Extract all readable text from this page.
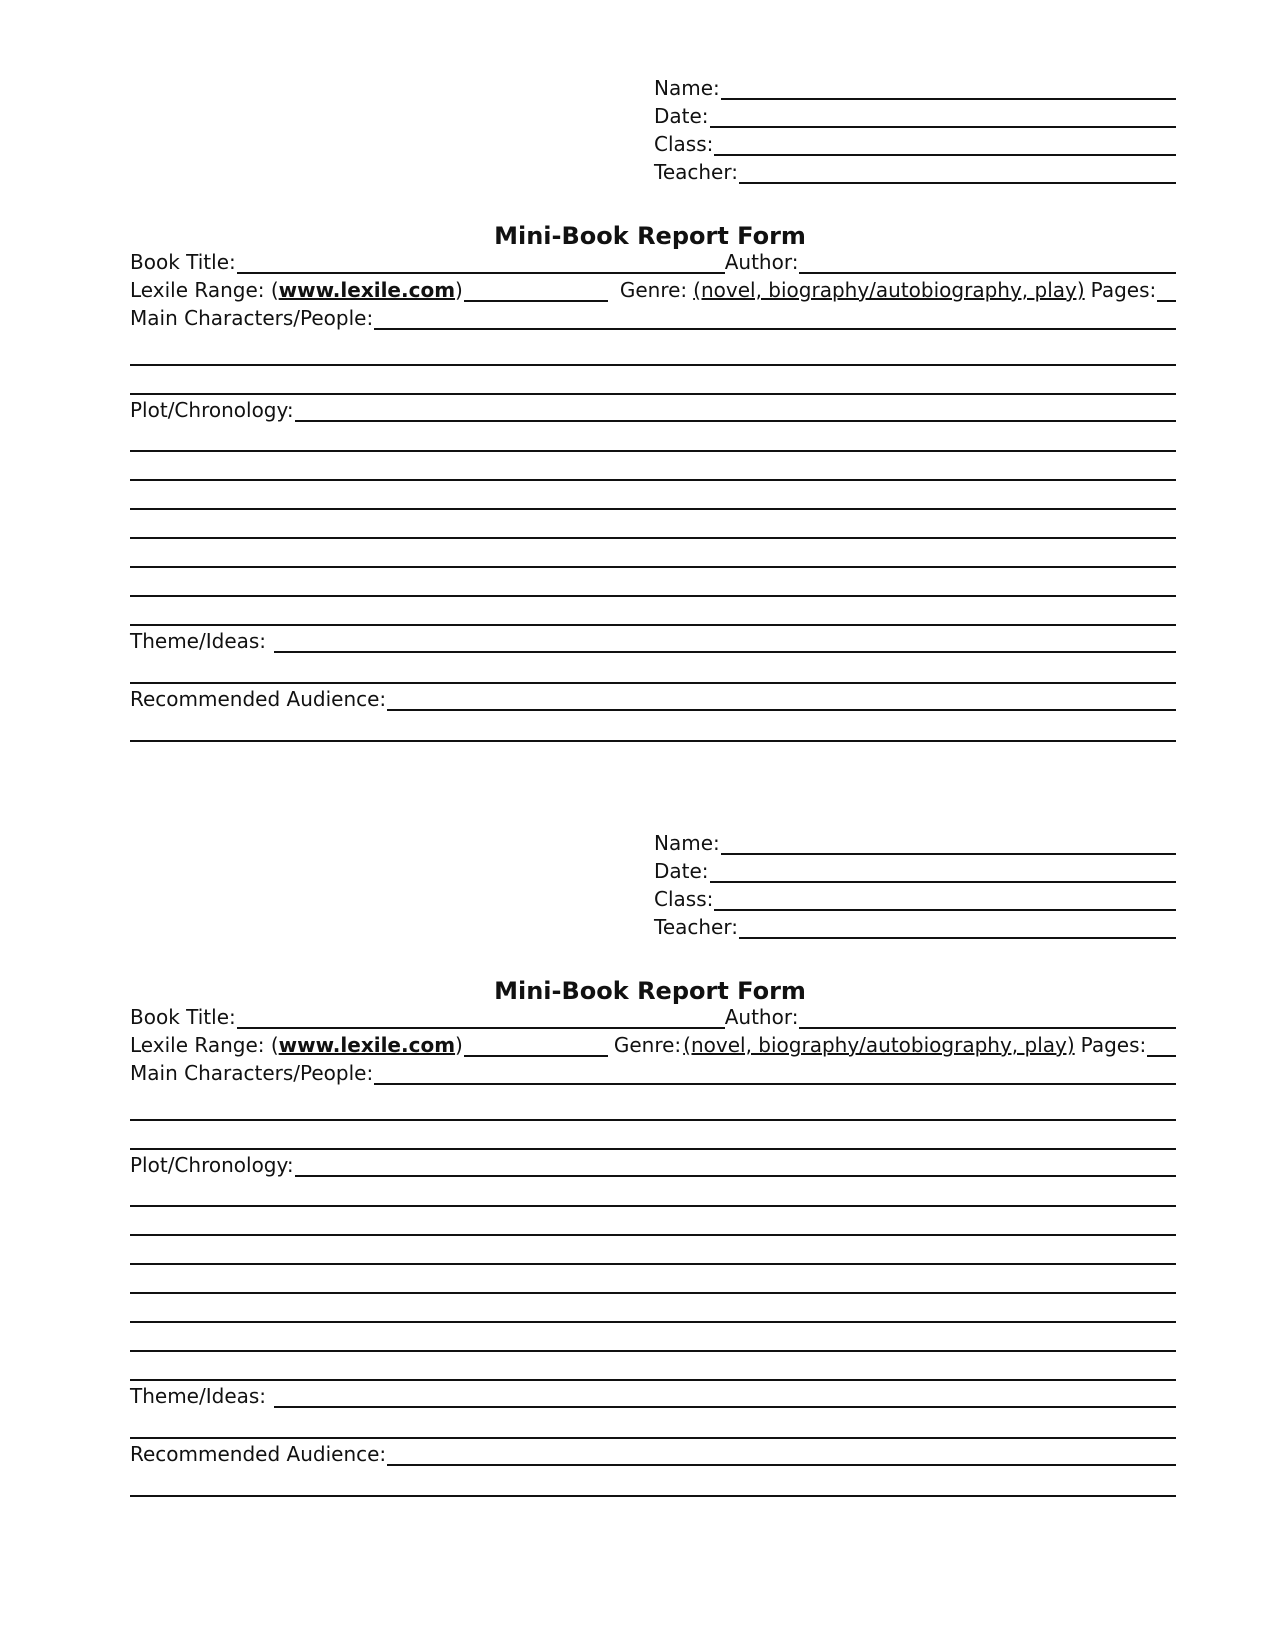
Name:
Date:
Class:
Teacher:
Mini-Book Report Form
Book Title:	Author:
Lexile Range: ( www.lexile.com )	Genre: (novel, biography/autobiography, play) Pages:
Main Characters/People:
Plot/Chronology:
Theme/Ideas:
Recommended Audience:
Name:
Date:
Class:
Teacher:
Mini-Book Report Form
Book Title:	Author:
Lexile Range: ( www.lexile.com )	Genre: (novel, biography/autobiography, play) Pages:
Main Characters/People:
Plot/Chronology:
Theme/Ideas:
Recommended Audience:
